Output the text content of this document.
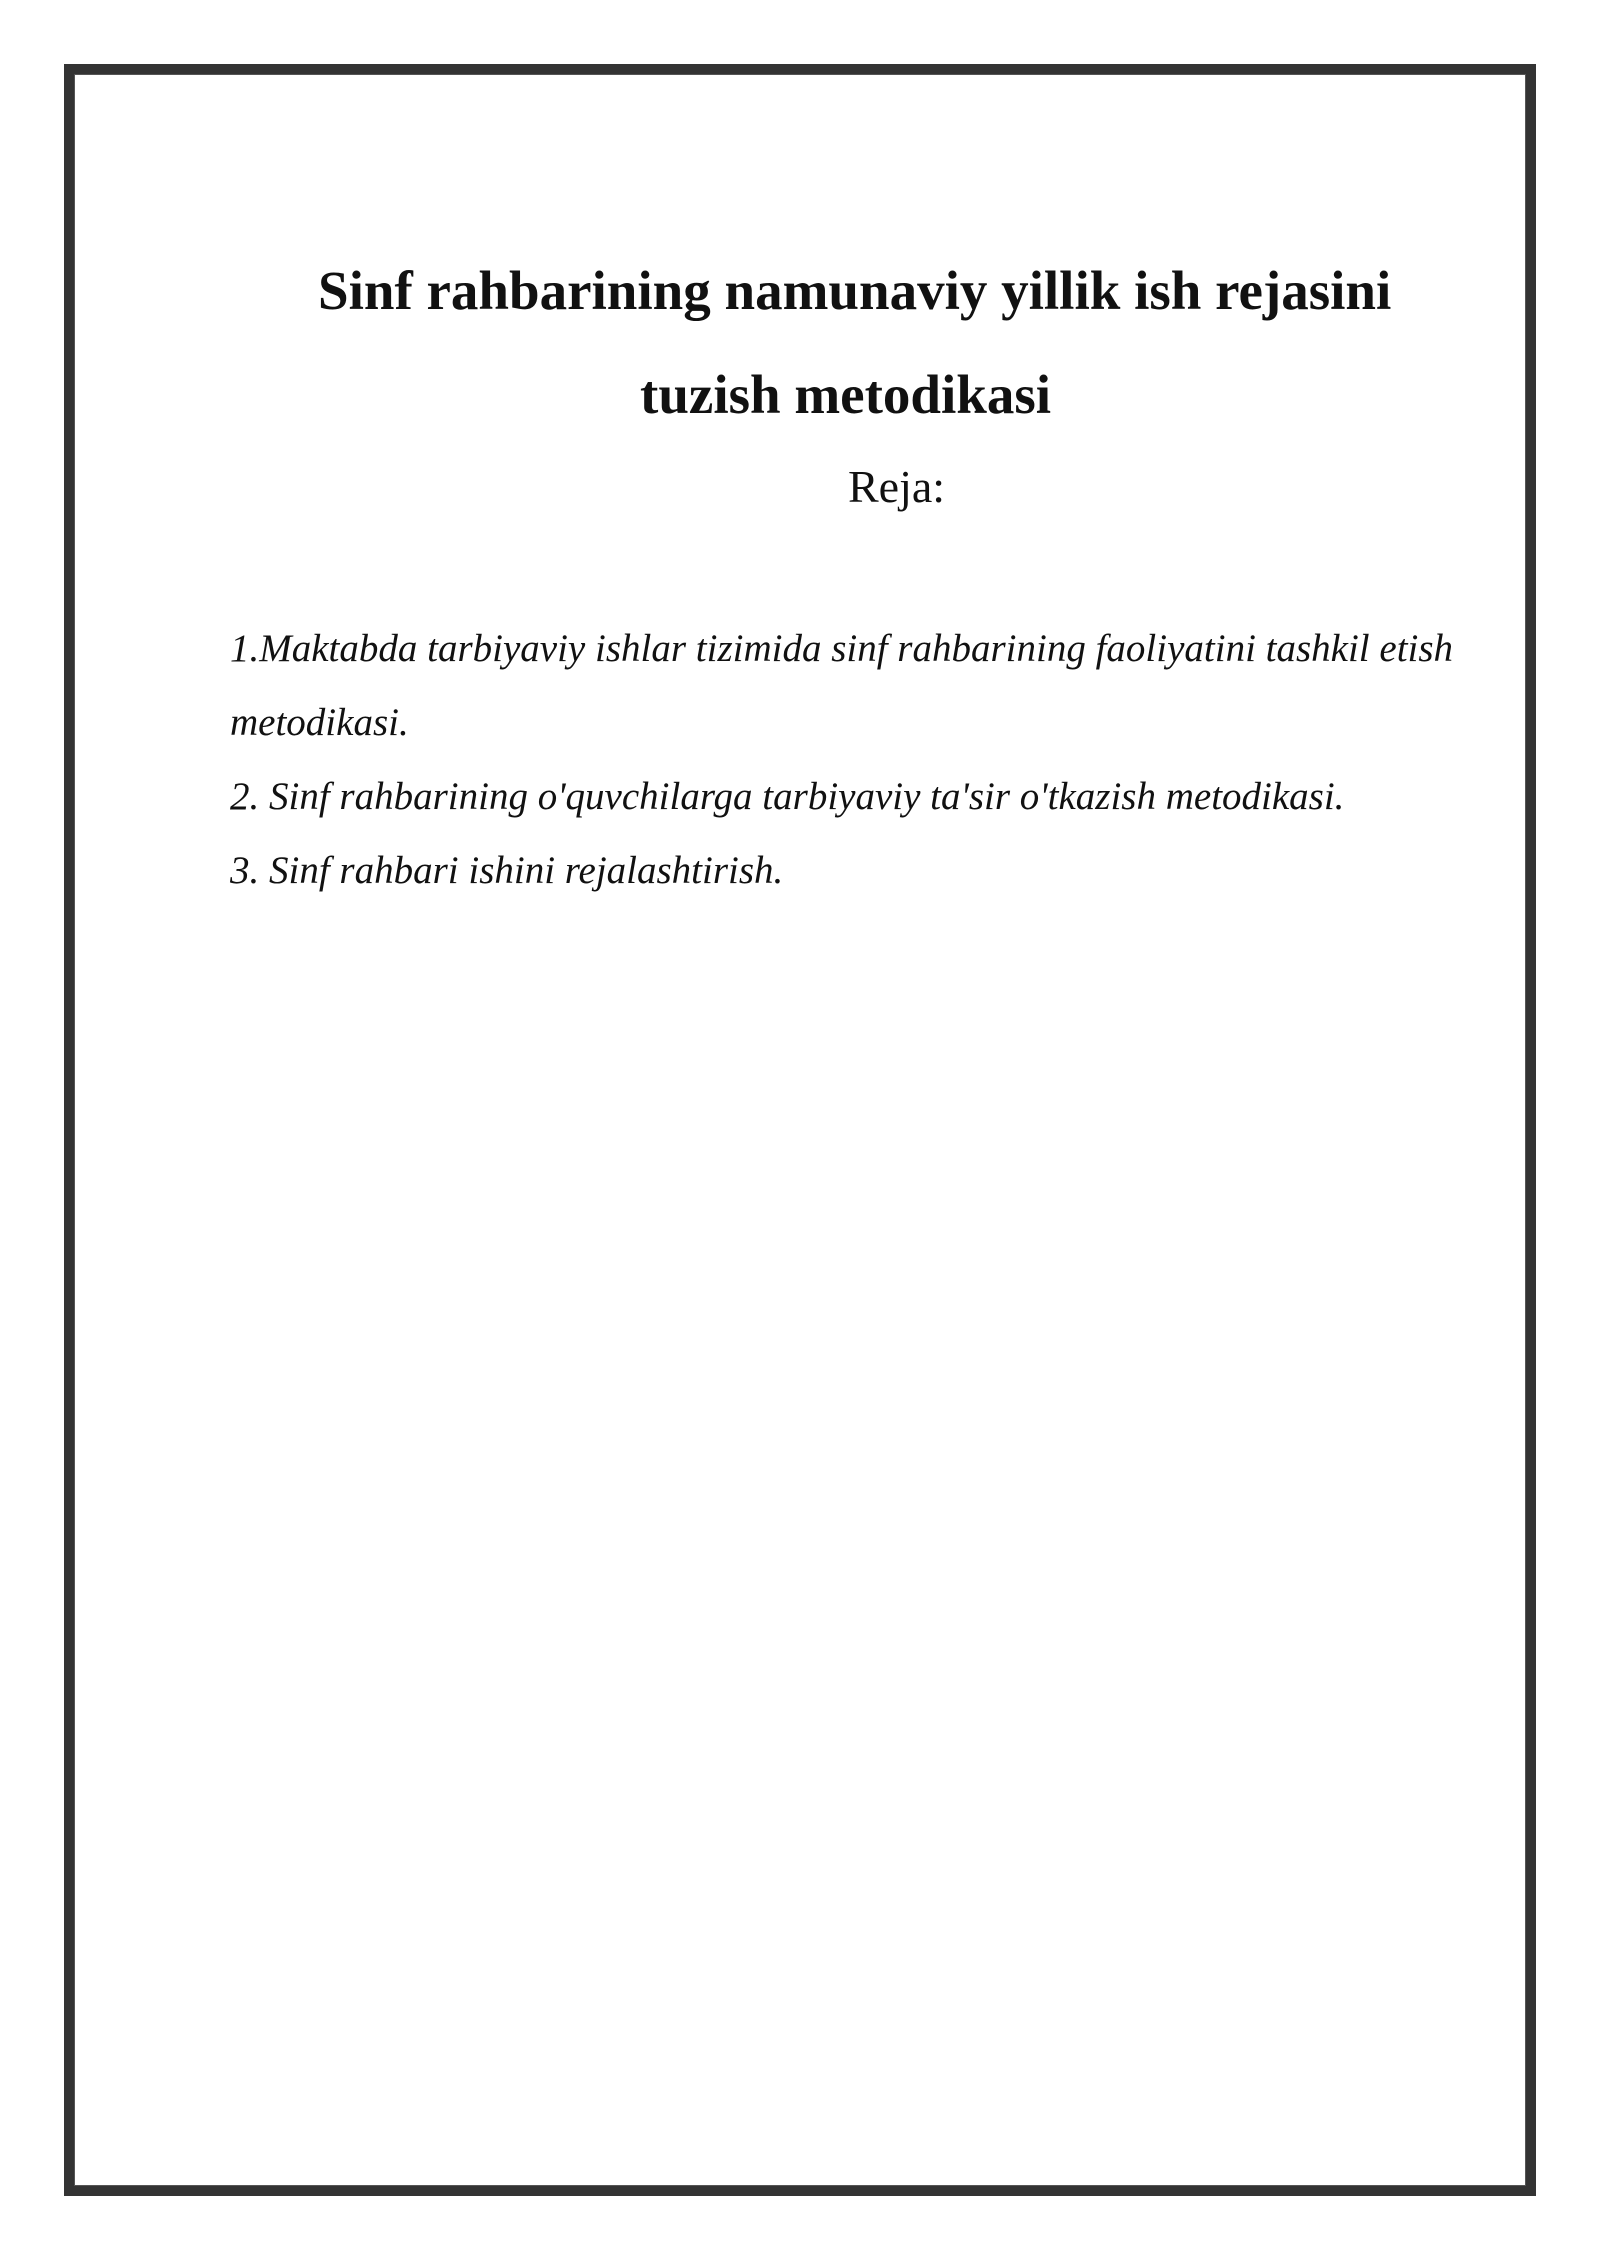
Sinf rahbarining namunaviy yillik ish rejasini
tuzish metodikasi
Reja:
1.Maktabda tarbiyaviy ishlar tizimida sinf rahbarining faoliyatini tashkil etish metodikasi.
2. Sinf rahbarining o'quvchilarga tarbiyaviy ta'sir o'tkazish metodikasi.
3. Sinf rahbari ishini rejalashtirish.
